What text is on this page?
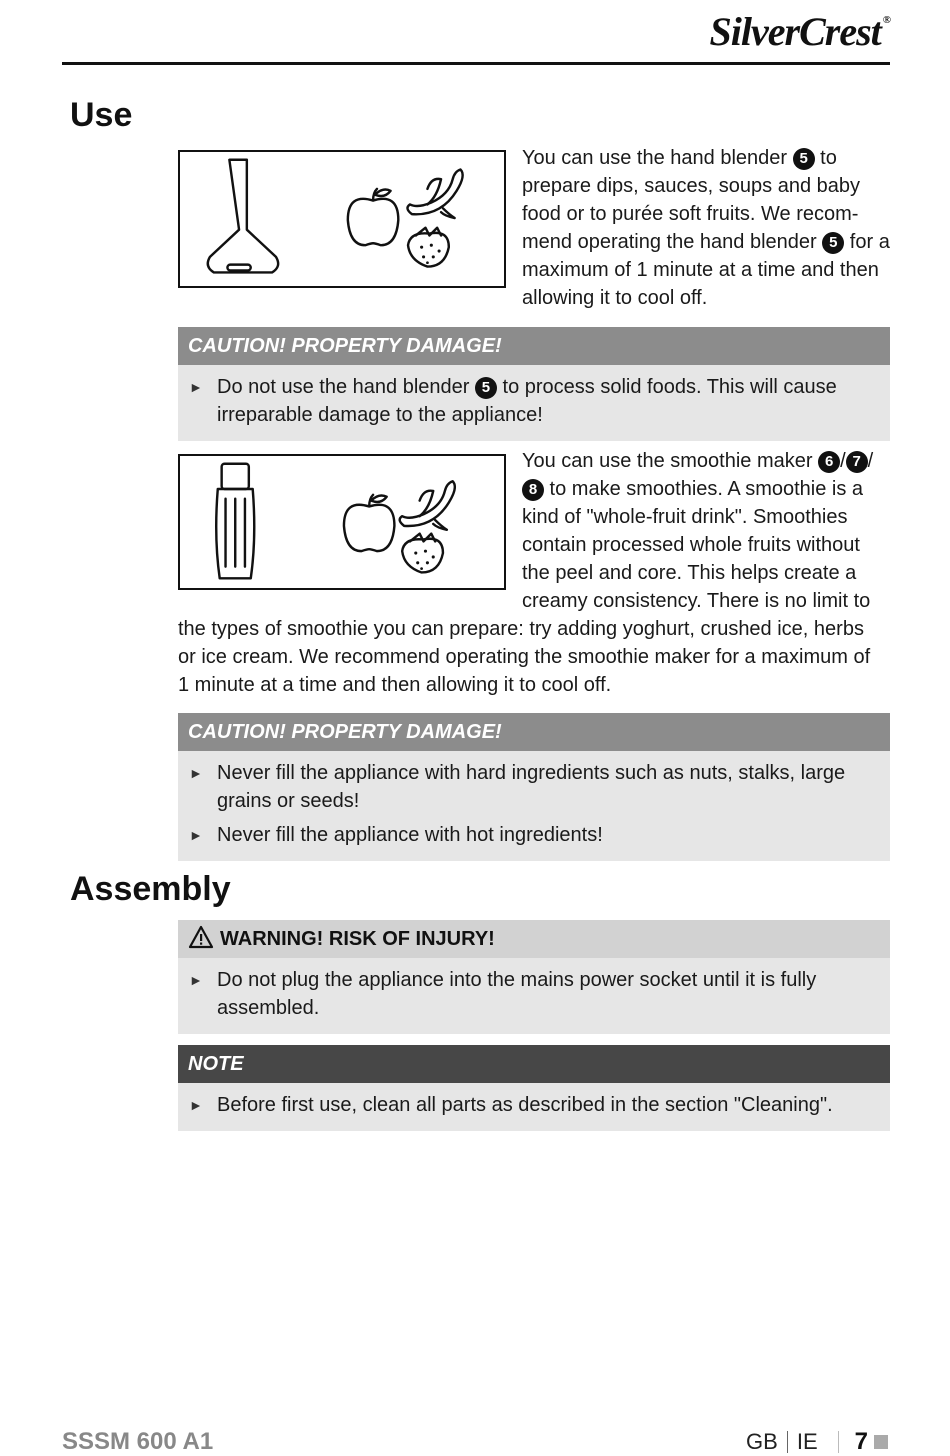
SilverCrest ®
Use

You can use the hand blender 5 to prepare dips, sauces, soups and baby food or to purée soft fruits. We recom-mend operating the hand blender 5 for a maximum of 1 minute at a time and then allowing it to cool off.

CAUTION! PROPERTY DAMAGE!
► Do not use the hand blender 5 to process solid foods. This will cause irreparable damage to the appliance!

You can use the smoothie maker 6 / 7 /8 to make smoothies. A smoothie is a kind of "whole-fruit drink". Smoothies contain processed whole fruits without the peel and core. This helps create a creamy consistency. There is no limit to

the types of smoothie you can prepare: try adding yoghurt, crushed ice, herbs or ice cream. We recommend operating the smoothie maker for a maximum of 1 minute at a time and then allowing it to cool off.

CAUTION! PROPERTY DAMAGE!
► Never fill the appliance with hard ingredients such as nuts, stalks, large grains or seeds!
► Never fill the appliance with hot ingredients!
Assembly
WARNING! RISK OF INJURY!
► Do not plug the appliance into the mains power socket until it is fully assembled.
NOTE
► Before first use, clean all parts as described in the section "Cleaning".
SSSM 600 A1	GB IE 7
